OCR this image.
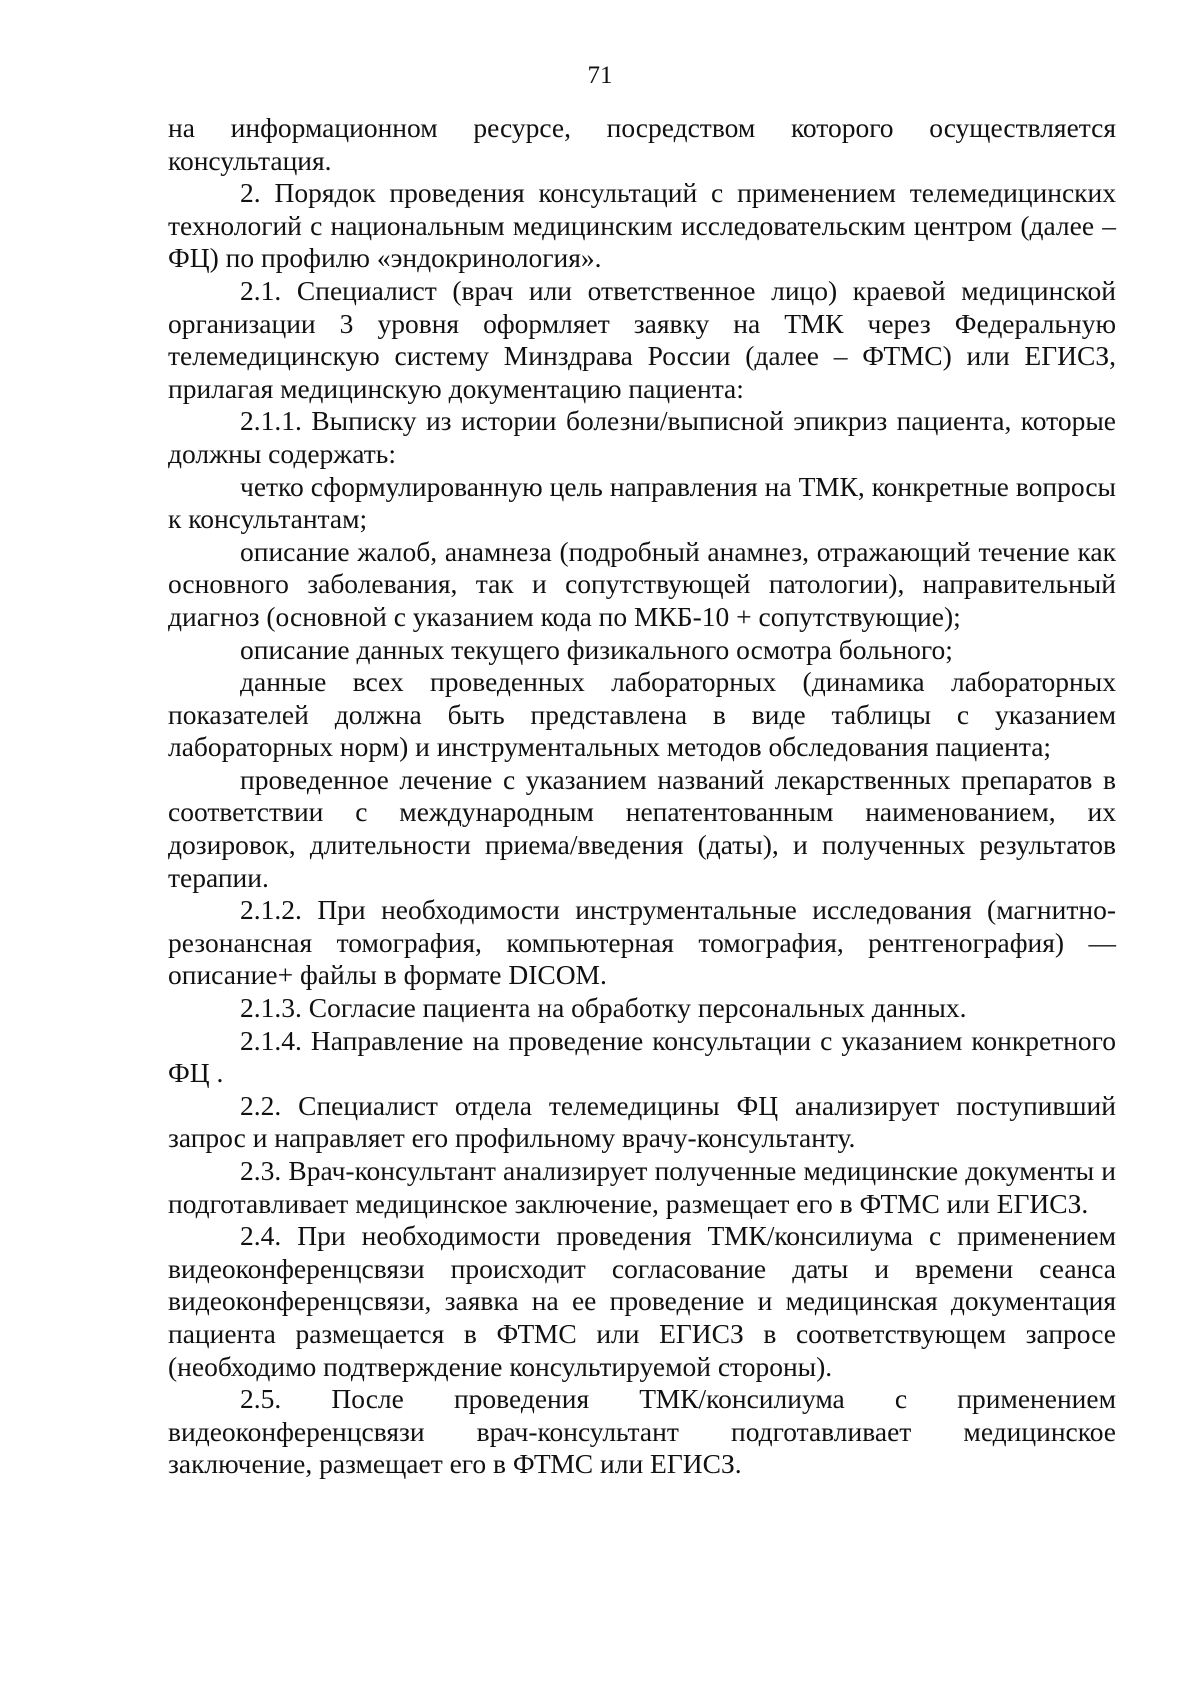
71

на информационном ресурсе, посредством которого осуществляется консультация.

2. Порядок проведения консультаций с применением телемедицинских технологий с национальным медицинским исследовательским центром (далее – ФЦ) по профилю «эндокринология».

2.1. Специалист (врач или ответственное лицо) краевой медицинской организации 3 уровня оформляет заявку на ТМК через Федеральную телемедицинскую систему Минздрава России (далее – ФТМС) или ЕГИСЗ, прилагая медицинскую документацию пациента:

2.1.1. Выписку из истории болезни/выписной эпикриз пациента, которые должны содержать:

четко сформулированную цель направления на ТМК, конкретные вопросы к консультантам;

описание жалоб, анамнеза (подробный анамнез, отражающий течение как основного заболевания, так и сопутствующей патологии), направительный диагноз (основной с указанием кода по МКБ-10 + сопутствующие);

описание данных текущего физикального осмотра больного;

данные всех проведенных лабораторных (динамика лабораторных показателей должна быть представлена в виде таблицы с указанием лабораторных норм) и инструментальных методов обследования пациента;

проведенное лечение с указанием названий лекарственных препаратов в соответствии с международным непатентованным наименованием, их дозировок, длительности приема/введения (даты), и полученных результатов терапии.

2.1.2. При необходимости инструментальные исследования (магнитно-резонансная томография, компьютерная томография, рентгенография) — описание+ файлы в формате DICOM.

2.1.3. Согласие пациента на обработку персональных данных.

2.1.4. Направление на проведение консультации с указанием конкретного ФЦ .

2.2. Специалист отдела телемедицины ФЦ анализирует поступивший запрос и направляет его профильному врачу-консультанту.

2.3. Врач-консультант анализирует полученные медицинские документы и подготавливает медицинское заключение, размещает его в ФТМС или ЕГИСЗ.

2.4. При необходимости проведения ТМК/консилиума с применением видеоконференцсвязи происходит согласование даты и времени сеанса видеоконференцсвязи, заявка на ее проведение и медицинская документация пациента размещается в ФТМС или ЕГИСЗ в соответствующем запросе (необходимо подтверждение консультируемой стороны).

2.5. После проведения ТМК/консилиума с применением видеоконференцсвязи врач-консультант подготавливает медицинское заключение, размещает его в ФТМС или ЕГИСЗ.
